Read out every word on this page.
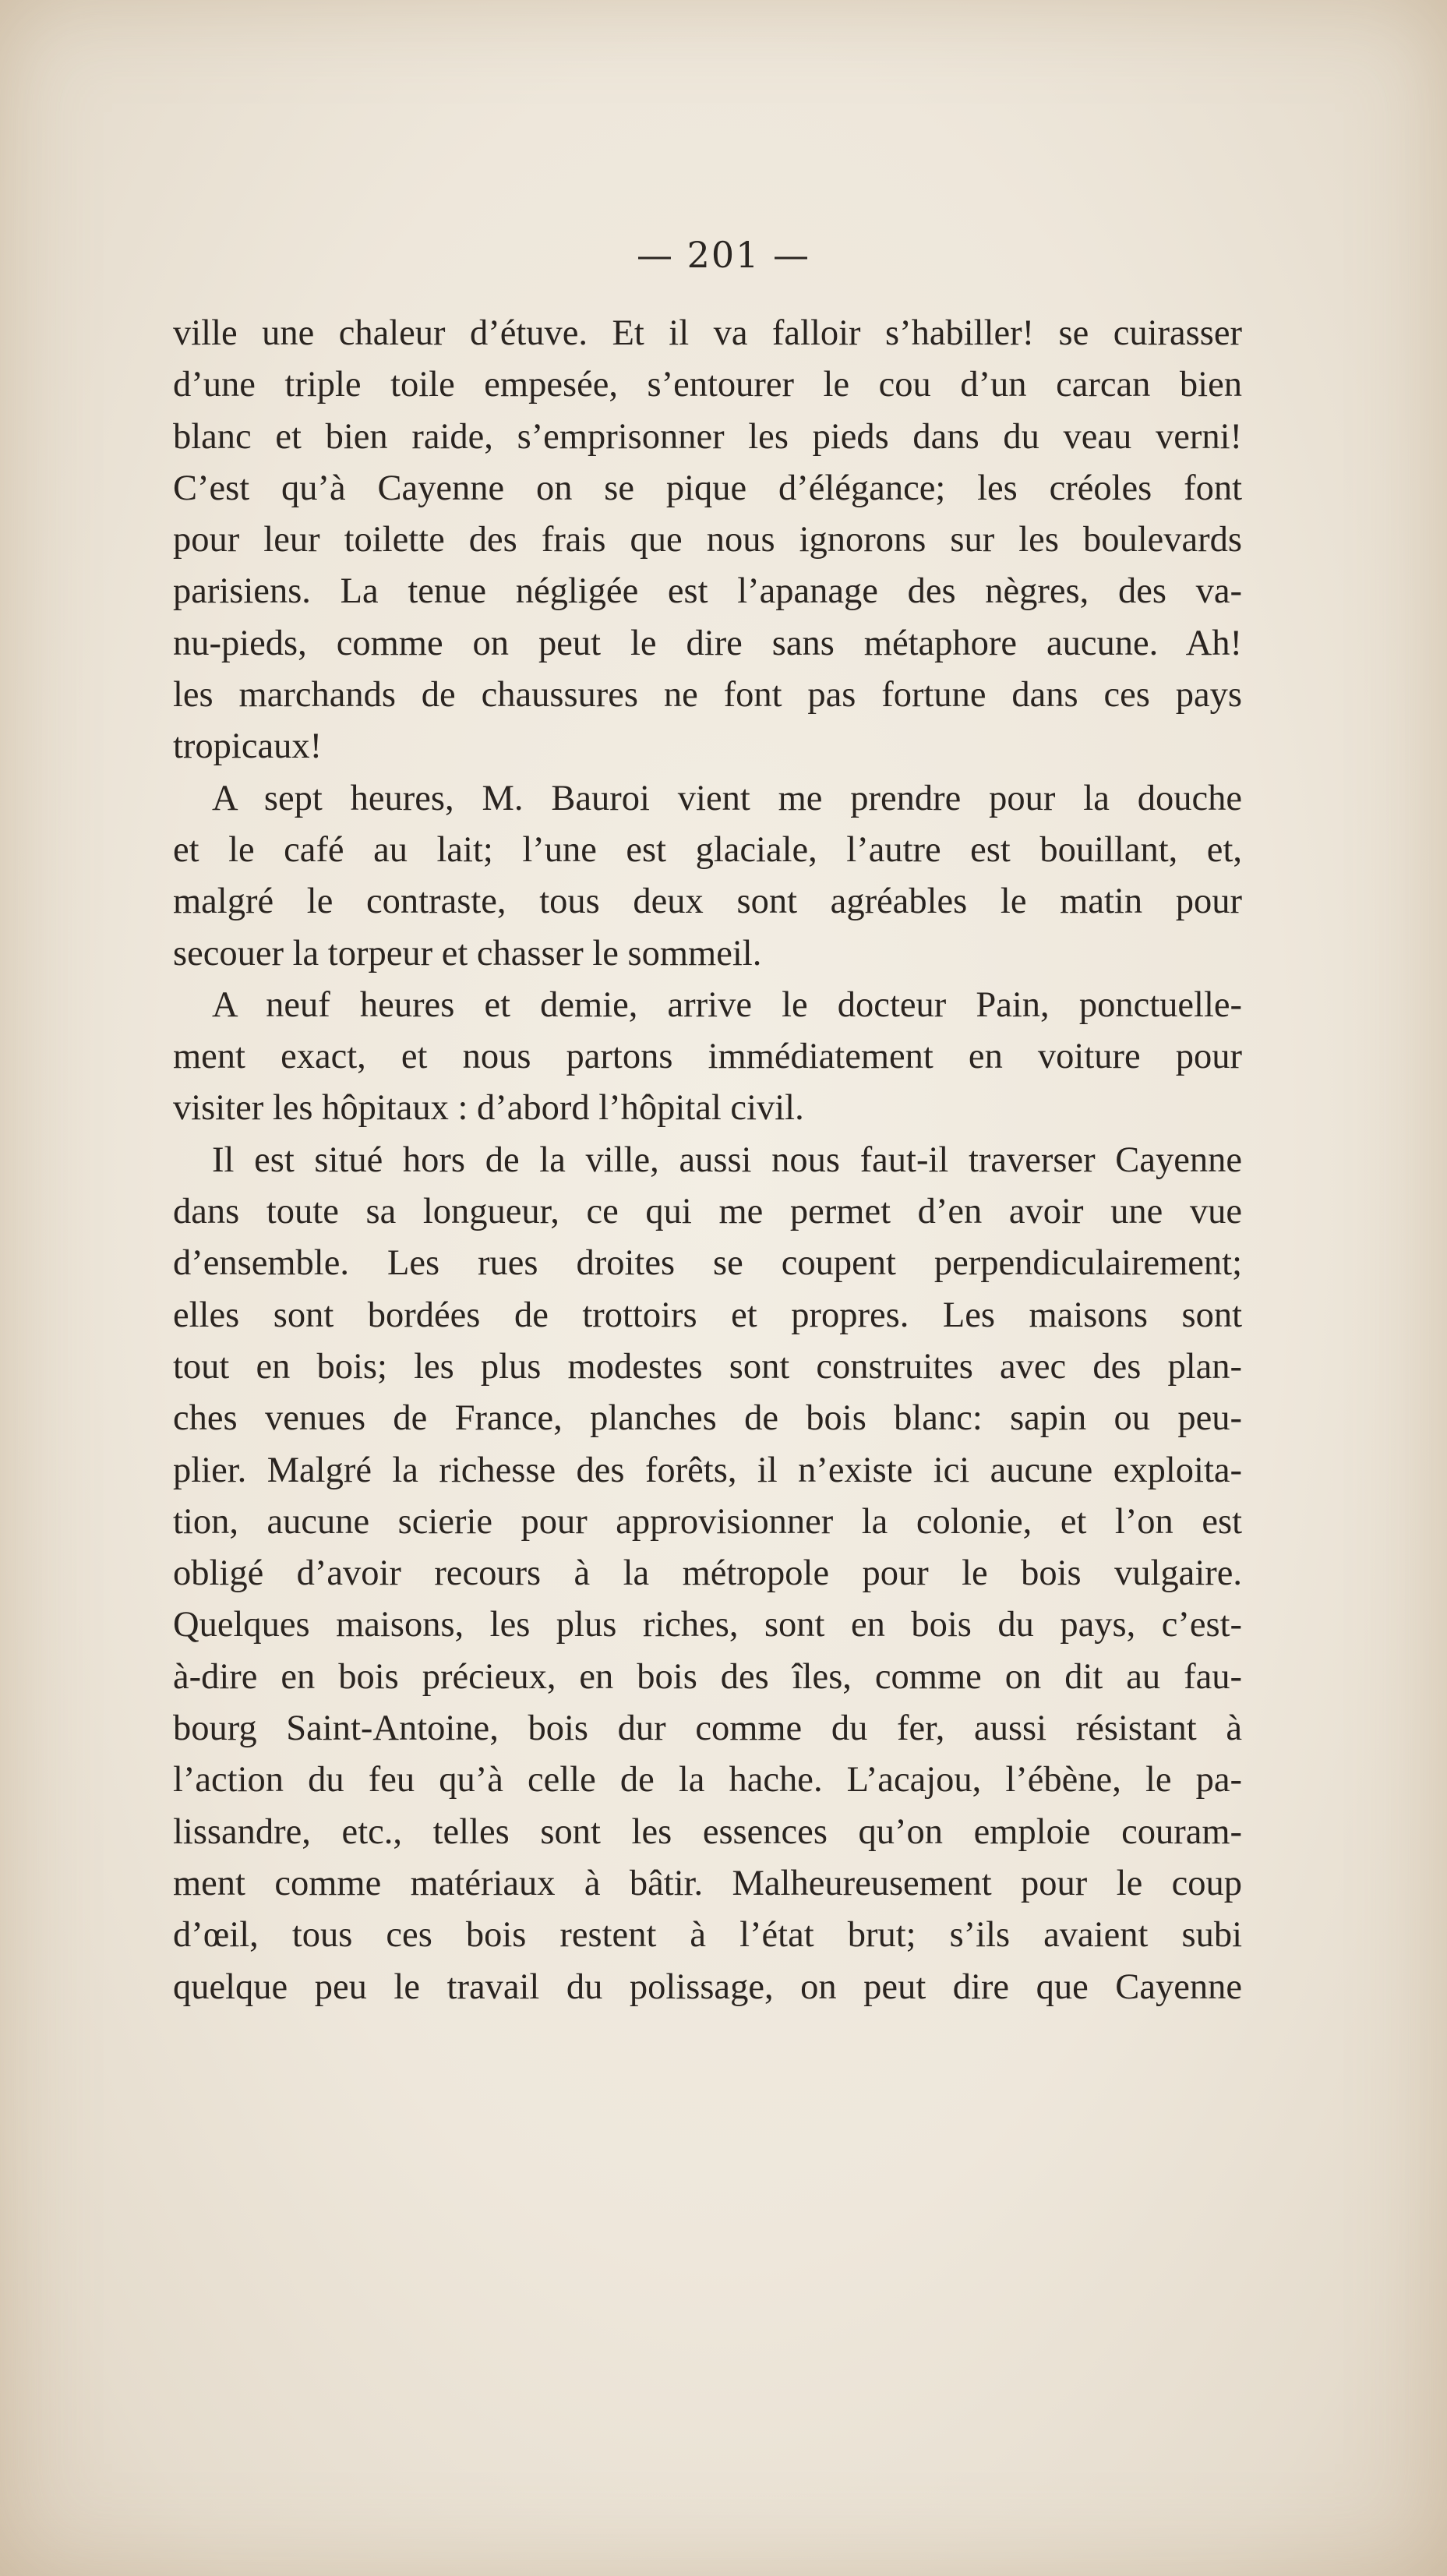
— 201 —
ville une chaleur d’étuve. Et il va falloir s’habiller! se cuirasser
d’une triple toile empesée, s’entourer le cou d’un carcan bien
blanc et bien raide, s’emprisonner les pieds dans du veau verni!
C’est qu’à Cayenne on se pique d’élégance; les créoles font
pour leur toilette des frais que nous ignorons sur les boulevards
parisiens. La tenue négligée est l’apanage des nègres, des va-
nu-pieds, comme on peut le dire sans métaphore aucune. Ah!
les marchands de chaussures ne font pas fortune dans ces pays
tropicaux!
A sept heures, M. Bauroi vient me prendre pour la douche
et le café au lait; l’une est glaciale, l’autre est bouillant, et,
malgré le contraste, tous deux sont agréables le matin pour
secouer la torpeur et chasser le sommeil.
A neuf heures et demie, arrive le docteur Pain, ponctuelle-
ment exact, et nous partons immédiatement en voiture pour
visiter les hôpitaux : d’abord l’hôpital civil.
Il est situé hors de la ville, aussi nous faut-il traverser Cayenne
dans toute sa longueur, ce qui me permet d’en avoir une vue
d’ensemble. Les rues droites se coupent perpendiculairement;
elles sont bordées de trottoirs et propres. Les maisons sont
tout en bois; les plus modestes sont construites avec des plan-
ches venues de France, planches de bois blanc: sapin ou peu-
plier. Malgré la richesse des forêts, il n’existe ici aucune exploita-
tion, aucune scierie pour approvisionner la colonie, et l’on est
obligé d’avoir recours à la métropole pour le bois vulgaire.
Quelques maisons, les plus riches, sont en bois du pays, c’est-
à-dire en bois précieux, en bois des îles, comme on dit au fau-
bourg Saint-Antoine, bois dur comme du fer, aussi résistant à
l’action du feu qu’à celle de la hache. L’acajou, l’ébène, le pa-
lissandre, etc., telles sont les essences qu’on emploie couram-
ment comme matériaux à bâtir. Malheureusement pour le coup
d’œil, tous ces bois restent à l’état brut; s’ils avaient subi
quelque peu le travail du polissage, on peut dire que Cayenne
